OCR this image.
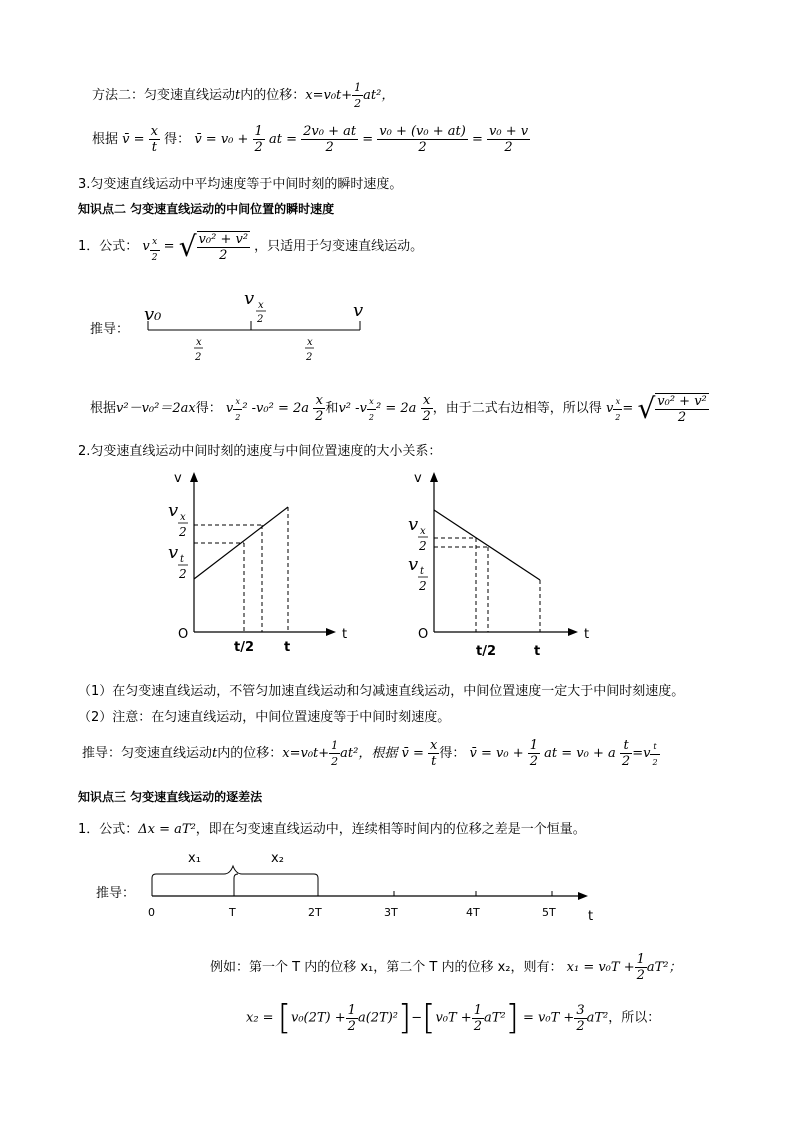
方法二：匀变速直线运动t内的位移：$x=v_0t+ \frac{1}{2} at^2$，
根据 v̄ = $\frac{x}{t}$ 得： v̄ = $v_0 + \frac{1}{2}$ at = $\frac{\text{2v₀ + at}}{2} = \frac{\text{v₀ + (v₀ + at)}}{2} = \frac{\text{v₀ + v}}{2}$
3.匀变速直线运动中平均速度等于中间时刻的瞬时速度。
知识点二 匀变速直线运动的中间位置的瞬时速度
1．公式： v $\frac{x}{2}$ = √ $\frac{\text{v₀² + v²}}{2}$ ，只适用于匀变速直线运动。
推导：
v₀
v x
2	v
x
2
x
2
根据v²－v₀²＝2ax得： v $\frac{x}{2} ^2$ $-v_0^2 = 2a \frac{x}{2}$ 和v² $-v \frac{x}{2} ^2 = 2a \frac{x}{2}$ ，由于二式右边相等，所以得 v $\frac{x}{2}$ = √ $\frac{\text{v₀² + v²}}{2}$
2.匀变速直线运动中间时刻的速度与中间位置速度的大小关系：
v
t
O
v x
2
v t
2
t/2 t
v
t
O
v x
2
v t
2
t/2	t
（1）在匀变速直线运动，不管匀加速直线运动和匀减速直线运动，中间位置速度一定大于中间时刻速度。
（2）注意：在匀速直线运动，中间位置速度等于中间时刻速度。
推导：匀变速直线运动t内的位移：$x=v_0t+ \frac{1}{2} at^2$，根据 v̄ = $\frac{x}{t}$ 得： v̄ = $v_0 + \frac{1}{2}$ at = v₀ + a $\frac{t}{2} =v \frac{t}{2}$
知识点三 匀变速直线运动的逐差法
1．公式：Δx = aT²，即在匀变速直线运动中，连续相等时间内的位移之差是一个恒量。
推导：
x₁	x₂
0	T	2T	3T	4T	5T t
例如：第一个 T 内的位移 x₁，第二个 T 内的位移 x₂，则有： $x_1 = v_0T + \frac{1}{2} aT^2$；
$x_2 = [v_0(2T) + \frac{1}{2} a(2T)^2]-[v_0T + \frac{1}{2} aT^2] = v_0T + \frac{3}{2} aT^2$，所以：
